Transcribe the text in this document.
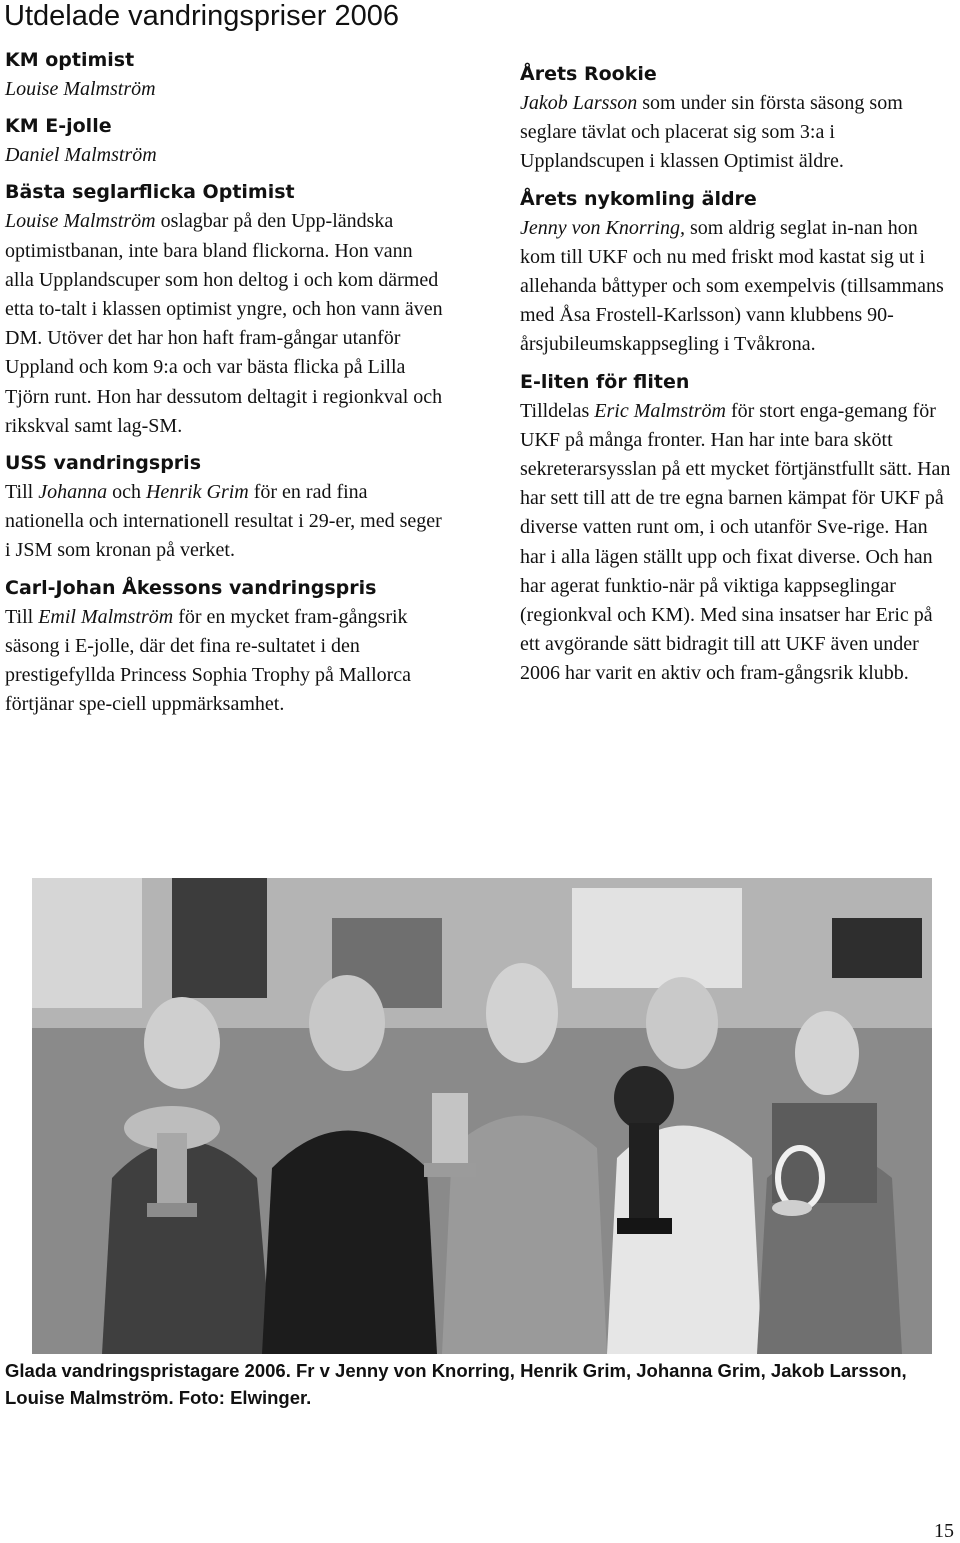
Utdelade vandringspriser 2006

KM optimist

Louise Malmström

KM E-jolle

Daniel Malmström

Bästa seglarflicka Optimist

Louise Malmström oslagbar på den Upp-ländska optimistbanan, inte bara bland flickorna. Hon vann alla Upplandscuper som hon deltog i och kom därmed etta to-talt i klassen optimist yngre, och hon vann även DM. Utöver det har hon haft fram-gångar utanför Uppland och kom 9:a och var bästa flicka på Lilla Tjörn runt. Hon har dessutom deltagit i regionkval och rikskval samt lag-SM.

USS vandringspris

Till Johanna och Henrik Grim för en rad fina nationella och internationell resultat i 29-er, med seger i JSM som kronan på verket.

Carl-Johan Åkessons vandringspris

Till Emil Malmström för en mycket fram-gångsrik säsong i E-jolle, där det fina re-sultatet i den prestigefyllda Princess Sophia Trophy på Mallorca förtjänar spe-ciell uppmärksamhet.

Årets Rookie

Jakob Larsson som under sin första säsong som seglare tävlat och placerat sig som 3:a i Upplandscupen i klassen Optimist äldre.

Årets nykomling äldre

Jenny von Knorring, som aldrig seglat in-nan hon kom till UKF och nu med friskt mod kastat sig ut i allehanda båttyper och som exempelvis (tillsammans med Åsa Frostell-Karlsson) vann klubbens 90-årsjubileumskappsegling i Tvåkrona.

E-liten för fliten

Tilldelas Eric Malmström för stort enga-gemang för UKF på många fronter. Han har inte bara skött sekreterarsysslan på ett mycket förtjänstfullt sätt. Han har sett till att de tre egna barnen kämpat för UKF på diverse vatten runt om, i och utanför Sve-rige. Han har i alla lägen ställt upp och fixat diverse. Och han har agerat funktio-när på viktiga kappseglingar (regionkval och KM). Med sina insatser har Eric på ett avgörande sätt bidragit till att UKF även under 2006 har varit en aktiv och fram-gångsrik klubb.

Glada vandringspristagare 2006. Fr v Jenny von Knorring, Henrik Grim, Johanna Grim, Jakob Larsson, Louise Malmström. Foto: Elwinger.

15
